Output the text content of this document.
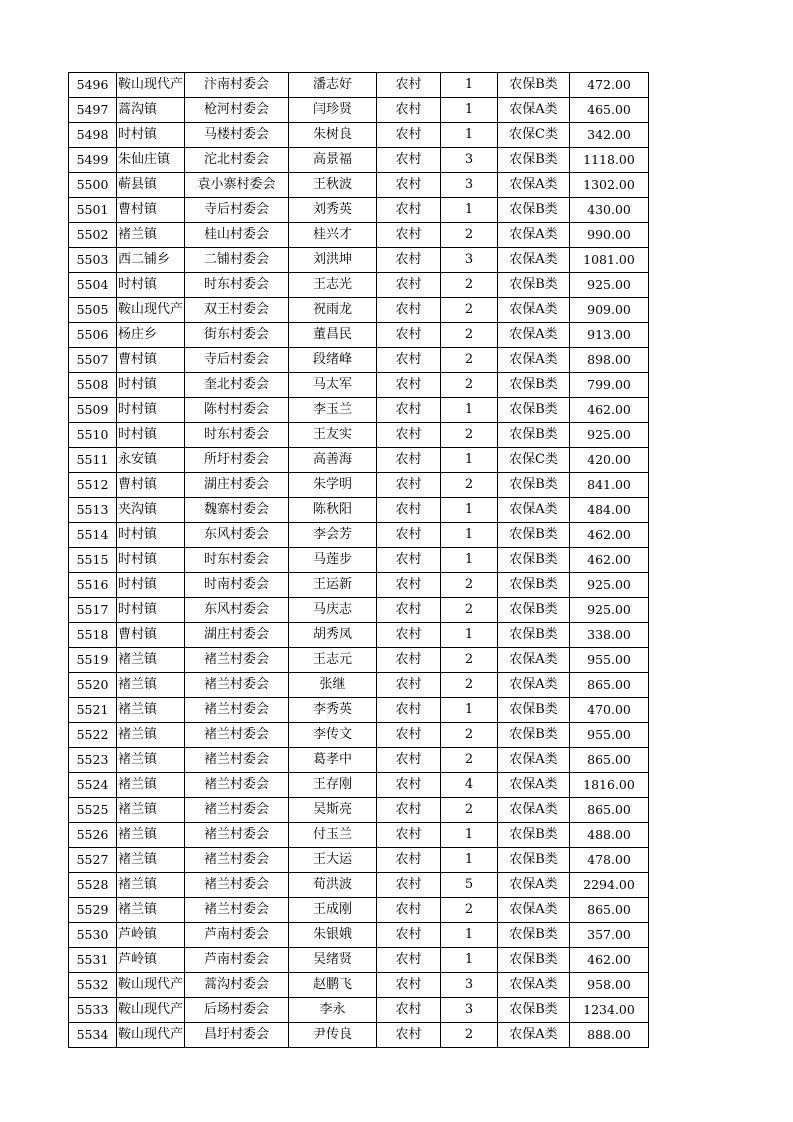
5496	鞍山现代产	汴南村委会	潘志好	农村	1	农保B类	472.00
5497	蒿沟镇	枪河村委会	闫珍贤	农村	1	农保A类	465.00
5498	时村镇	马楼村委会	朱树良	农村	1	农保C类	342.00
5499	朱仙庄镇	沱北村委会	高景福	农村	3	农保B类	1118.00
5500	蕲县镇	袁小寨村委会	王秋波	农村	3	农保A类	1302.00
5501	曹村镇	寺后村委会	刘秀英	农村	1	农保B类	430.00
5502	褚兰镇	桂山村委会	桂兴才	农村	2	农保A类	990.00
5503	西二铺乡	二铺村委会	刘洪坤	农村	3	农保A类	1081.00
5504	时村镇	时东村委会	王志光	农村	2	农保B类	925.00
5505	鞍山现代产	双王村委会	祝雨龙	农村	2	农保A类	909.00
5506	杨庄乡	街东村委会	董昌民	农村	2	农保A类	913.00
5507	曹村镇	寺后村委会	段绪峰	农村	2	农保A类	898.00
5508	时村镇	奎北村委会	马太军	农村	2	农保B类	799.00
5509	时村镇	陈村村委会	李玉兰	农村	1	农保B类	462.00
5510	时村镇	时东村委会	王友实	农村	2	农保B类	925.00
5511	永安镇	所圩村委会	高善海	农村	1	农保C类	420.00
5512	曹村镇	湖庄村委会	朱学明	农村	2	农保B类	841.00
5513	夹沟镇	魏寨村委会	陈秋阳	农村	1	农保A类	484.00
5514	时村镇	东风村委会	李会芳	农村	1	农保B类	462.00
5515	时村镇	时东村委会	马莲步	农村	1	农保B类	462.00
5516	时村镇	时南村委会	王运新	农村	2	农保B类	925.00
5517	时村镇	东风村委会	马庆志	农村	2	农保B类	925.00
5518	曹村镇	湖庄村委会	胡秀凤	农村	1	农保B类	338.00
5519	褚兰镇	褚兰村委会	王志元	农村	2	农保A类	955.00
5520	褚兰镇	褚兰村委会	张继	农村	2	农保A类	865.00
5521	褚兰镇	褚兰村委会	李秀英	农村	1	农保B类	470.00
5522	褚兰镇	褚兰村委会	李传文	农村	2	农保B类	955.00
5523	褚兰镇	褚兰村委会	葛孝中	农村	2	农保A类	865.00
5524	褚兰镇	褚兰村委会	王存刚	农村	4	农保A类	1816.00
5525	褚兰镇	褚兰村委会	吴斯亮	农村	2	农保A类	865.00
5526	褚兰镇	褚兰村委会	付玉兰	农村	1	农保B类	488.00
5527	褚兰镇	褚兰村委会	王大运	农村	1	农保B类	478.00
5528	褚兰镇	褚兰村委会	荀洪波	农村	5	农保A类	2294.00
5529	褚兰镇	褚兰村委会	王成刚	农村	2	农保A类	865.00
5530	芦岭镇	芦南村委会	朱银娥	农村	1	农保B类	357.00
5531	芦岭镇	芦南村委会	吴绪贤	农村	1	农保B类	462.00
5532	鞍山现代产	蒿沟村委会	赵鹏飞	农村	3	农保A类	958.00
5533	鞍山现代产	后场村委会	李永	农村	3	农保B类	1234.00
5534	鞍山现代产	昌圩村委会	尹传良	农村	2	农保A类	888.00
